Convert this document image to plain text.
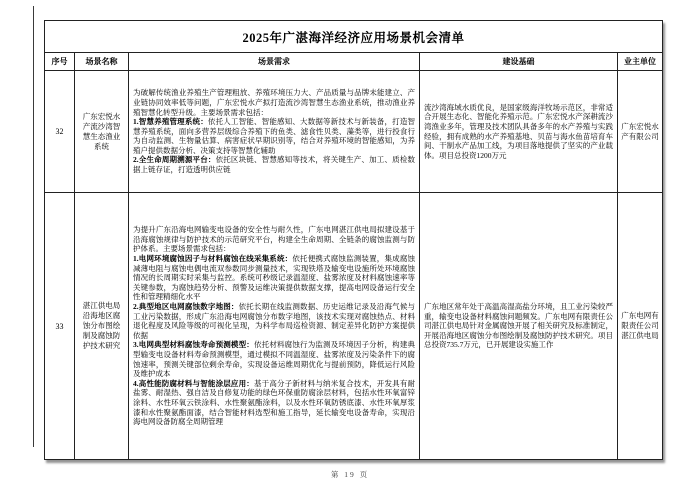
2025年广湛海洋经济应用场景机会清单				
序号	场景名称	场景需求	建设基础	业主单位
32	广东宏悦水产流沙湾智慧生态渔业系统	为破解传统渔业养殖生产管理粗放、养殖环境压力大、产品质量与品牌未能建立、产业链协同效率低等问题，广东宏悦水产拟打造流沙湾智慧生态渔业系统，推动渔业养殖智慧化转型升级。主要场景需求包括：

1.智慧养殖管理系统：依托人工智能、智能感知、大数据等新技术与新装备，打造智慧养殖系统，面向多营养层级综合养殖下的鱼类、滤食性贝类、藻类等，进行投食行为自动监测、生物量估算、病害症状早期识别等，结合对养殖环境的智能感知，为养殖户提供数据分析、决策支持等智慧化辅助

2.全生命周期溯源平台：依托区块链、智慧感知等技术，将关键生产、加工、质检数据上链存证，打造透明供应链	流沙湾海域水质优良，是国家级海洋牧场示范区，非常适合开展生态化、智能化养殖示范。广东宏悦水产深耕流沙湾渔业多年，管理及技术团队具备多年的水产养殖与实践经验，拥有成熟的水产养殖基地、贝苗与海水鱼苗培育车间、干制水产品加工线，为项目落地提供了坚实的产业载体。项目总投资1200万元	广东宏悦水产有限公司
33	湛江供电局沿海地区腐蚀分布图绘制及腐蚀防护技术研究	为提升广东沿海电网输变电设备的安全性与耐久性，广东电网湛江供电局拟建设基于沿海腐蚀规律与防护技术的示范研究平台，构建全生命周期、全链条的腐蚀监测与防护体系。主要场景需求包括：

1.电网环境腐蚀因子与材料腐蚀在线采集系统：依托便携式腐蚀监测装置，集成腐蚀减薄电阻与腐蚀电偶电流双参数同步测量技术，实现铁塔及输变电设施所处环境腐蚀情况的长周期实时采集与监控。系统可秒级记录温湿度、盐雾浓度及材料腐蚀速率等关键参数，为腐蚀趋势分析、预警及运维决策提供数据支撑，提高电网设备运行安全性和管理精细化水平

2.典型地区电网腐蚀数字地图：依托长期在线监测数据、历史运维记录及沿海气候与工业污染数据，形成广东沿海电网腐蚀分布数字地图，该技术实现对腐蚀热点、材料退化程度及风险等级的可视化呈现，为科学布局巡检资源、制定差异化防护方案提供依据

3.电网典型材料腐蚀寿命预测模型：依托材料腐蚀行为监测及环境因子分析，构建典型输变电设备材料寿命预测模型，通过模拟不同温湿度、盐雾浓度及污染条件下的腐蚀速率，预测关键部位剩余寿命，实现设备运维周期优化与提前预防，降低运行风险及维护成本

4.高性能防腐材料与智能涂层应用：基于高分子新材料与纳米复合技术，开发具有耐盐雾、耐湿热、强自洁及自修复功能的绿色环保重防腐涂层材料，包括水性环氧富锌涂料、水性环氧云铁涂料、水性聚氨酯涂料，以及水性环氧防锈底漆、水性环氧厚浆漆和水性聚氨酯面漆，结合智能材料选型和施工指导，延长输变电设备寿命，实现沿海电网设备防腐全周期管理	广东地区常年处于高温高湿高盐分环境，且工业污染较严重，输变电设备材料腐蚀问题频发。广东电网有限责任公司湛江供电局针对金属腐蚀开展了相关研究及标准制定，开展沿海地区腐蚀分布图绘制及腐蚀防护技术研究。项目总投资735.7万元，已开展建设实施工作	广东电网有限责任公司湛江供电局
第 19 页
